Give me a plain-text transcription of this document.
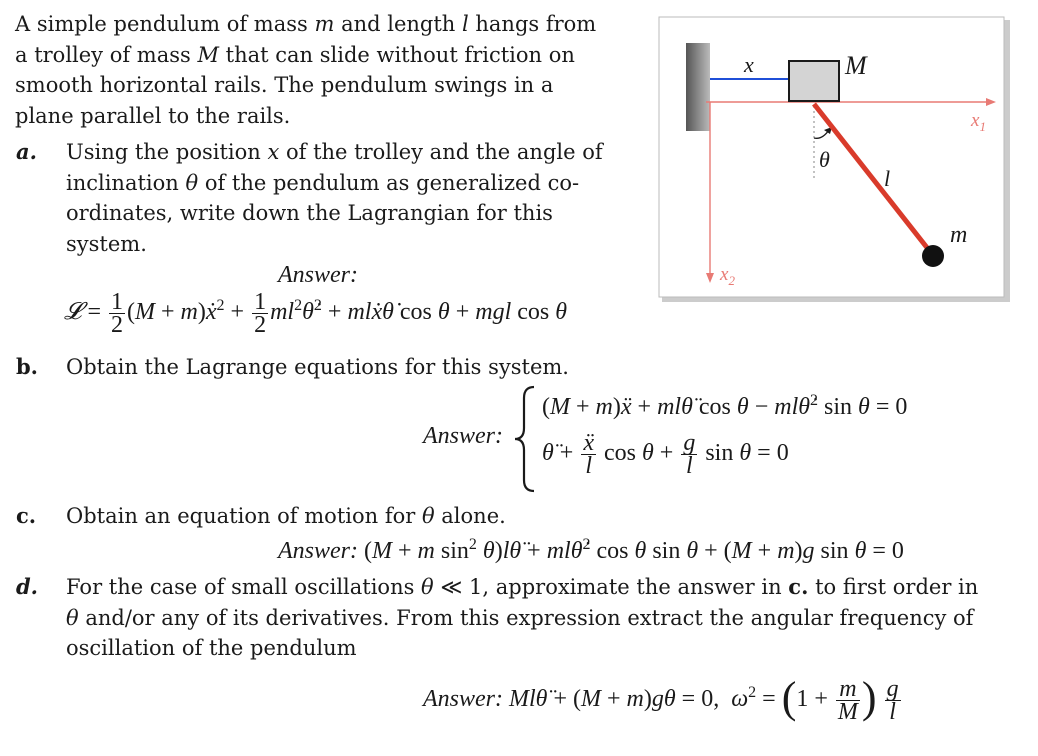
A simple pendulum of mass m and length l hangs from
a trolley of mass M that can slide without friction on
smooth horizontal rails. The pendulum swings in a
plane parallel to the rails.
a. Using the position x of the trolley and the angle of
inclination θ of the pendulum as generalized co-
ordinates, write down the Lagrangian for this
system.
Answer:
𝓛 = $\frac{1}{2} (M$ + m)ẋ$^2$ + $\frac{1}{2}$ $ml^2\thetȧ^2$ + mlẋθ̇ cos θ + mgl cos θ
b. Obtain the Lagrange equations for this system.
Answer:
(M + m)ẍ + mlθ̈ cos θ − mlθ̇$^2$ sin θ = 0
θ̈ + $\frac{\text{ẍ}}{l}$ $\cos \theta + \frac{g}{l}$ sin θ = 0
c. Obtain an equation of motion for θ alone.
Answer: (M + m $\sin^2$ θ)lθ̈ + mlθ̇$^2$ cos θ sin θ + (M + m)g sin θ = 0
d. For the case of small oscillations θ ≪ 1, approximate the answer in c. to first order in
θ and/or any of its derivatives. From this expression extract the angular frequency of
oscillation of the pendulum
Answer: Mlθ̈ + (M + m)gθ = 0,  $\omega^2 = (1 + \frac{m}{M}$ ) $\frac{g}{l}$
$x_1$
$x_2$
x	M
θ
l
m
